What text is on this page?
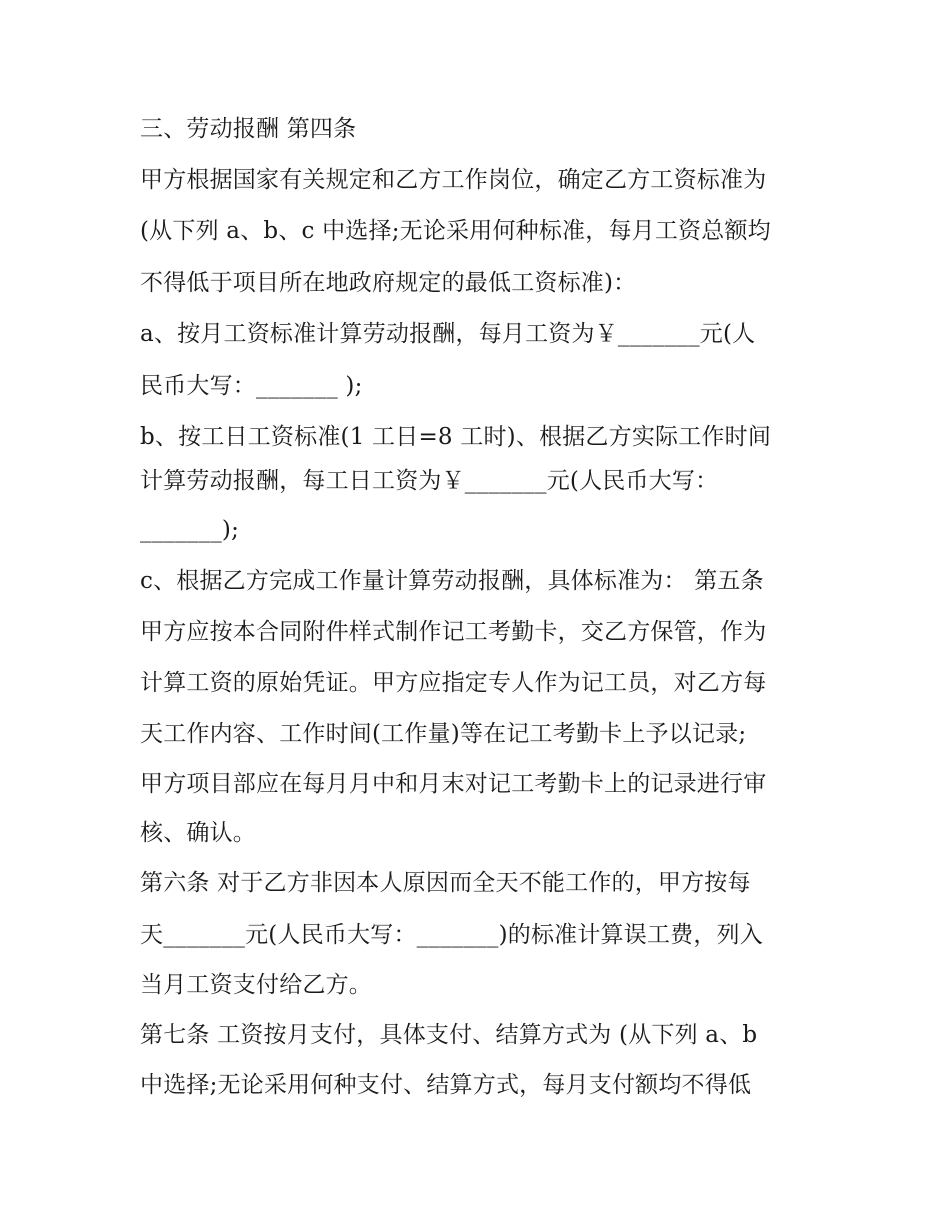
三、劳动报酬 第四条

甲方根据国家有关规定和乙方工作岗位，确定乙方工资标准为

(从下列 a、b、c 中选择;无论采用何种标准，每月工资总额均

不得低于项目所在地政府规定的最低工资标准)：

a、按月工资标准计算劳动报酬，每月工资为￥_______元(人

民币大写：_______ );

b、按工日工资标准(1 工日=8 工时)、根据乙方实际工作时间

计算劳动报酬，每工日工资为￥_______元(人民币大写：

_______);

c、根据乙方完成工作量计算劳动报酬，具体标准为： 第五条

甲方应按本合同附件样式制作记工考勤卡，交乙方保管，作为

计算工资的原始凭证。甲方应指定专人作为记工员，对乙方每

天工作内容、工作时间(工作量)等在记工考勤卡上予以记录;

甲方项目部应在每月月中和月末对记工考勤卡上的记录进行审

核、确认。

第六条 对于乙方非因本人原因而全天不能工作的，甲方按每

天_______元(人民币大写：_______)的标准计算误工费，列入

当月工资支付给乙方。

第七条 工资按月支付，具体支付、结算方式为 (从下列 a、b

中选择;无论采用何种支付、结算方式，每月支付额均不得低
